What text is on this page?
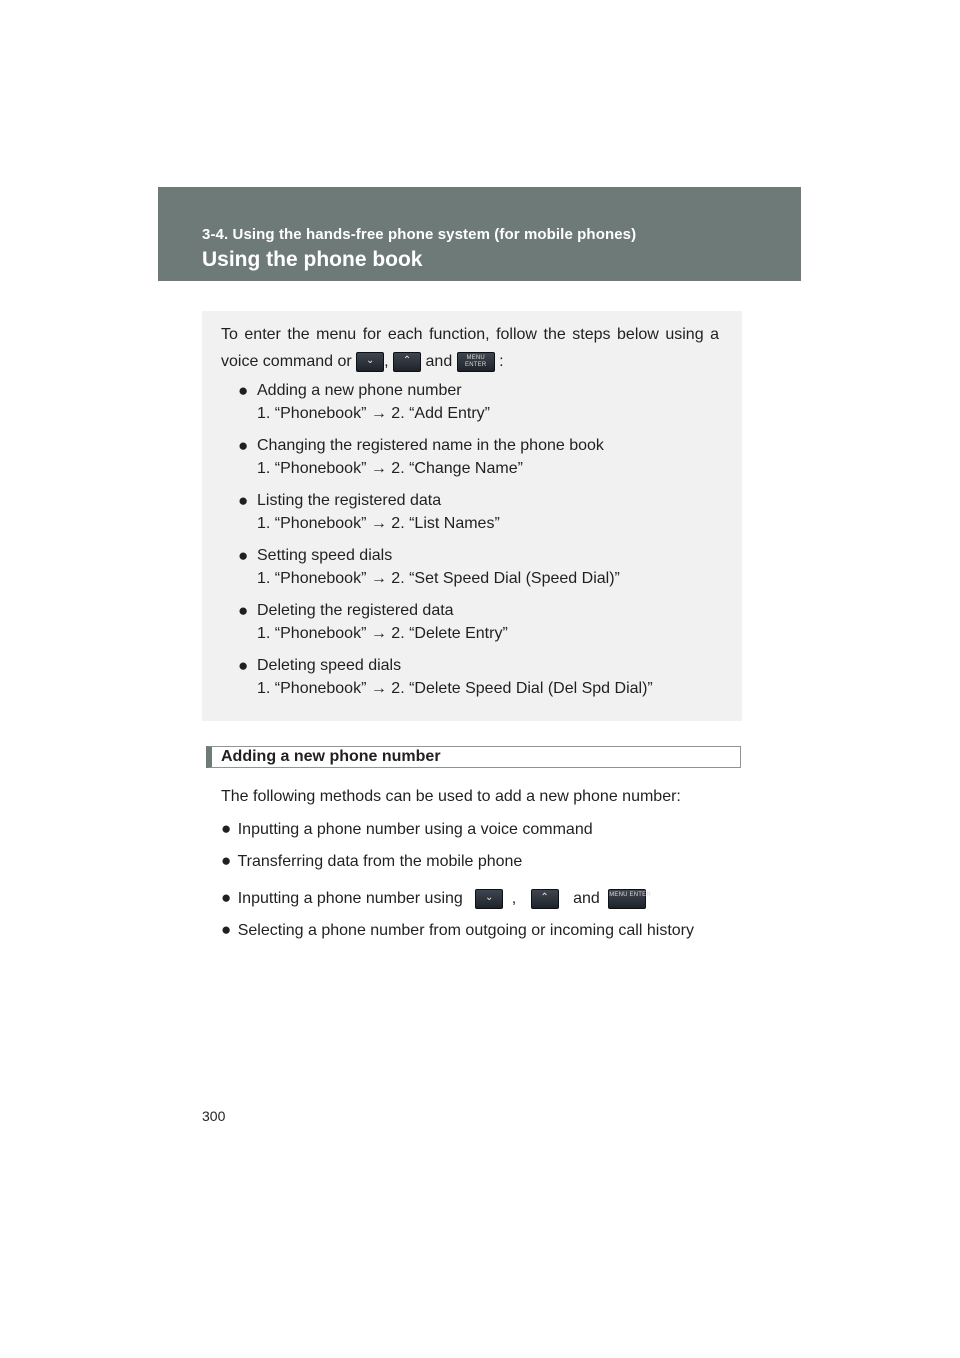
3-4. Using the hands-free phone system (for mobile phones)
Using the phone book
To enter the menu for each function, follow the steps below using a voice command or	⌄ ,	⌃ and	MENU ENTER :
● Adding a new phone number
1. “Phonebook” → 2. “Add Entry”
● Changing the registered name in the phone book
1. “Phonebook” → 2. “Change Name”
● Listing the registered data
1. “Phonebook” → 2. “List Names”
● Setting speed dials
1. “Phonebook” → 2. “Set Speed Dial (Speed Dial)”
● Deleting the registered data
1. “Phonebook” → 2. “Delete Entry”
● Deleting speed dials
1. “Phonebook” → 2. “Delete Speed Dial (Del Spd Dial)”
Adding a new phone number
The following methods can be used to add a new phone number:
● Inputting a phone number using a voice command
● Transferring data from the mobile phone
● Inputting a phone number using	⌄	,	⌃	and MENU ENTER
● Selecting a phone number from outgoing or incoming call history
300
